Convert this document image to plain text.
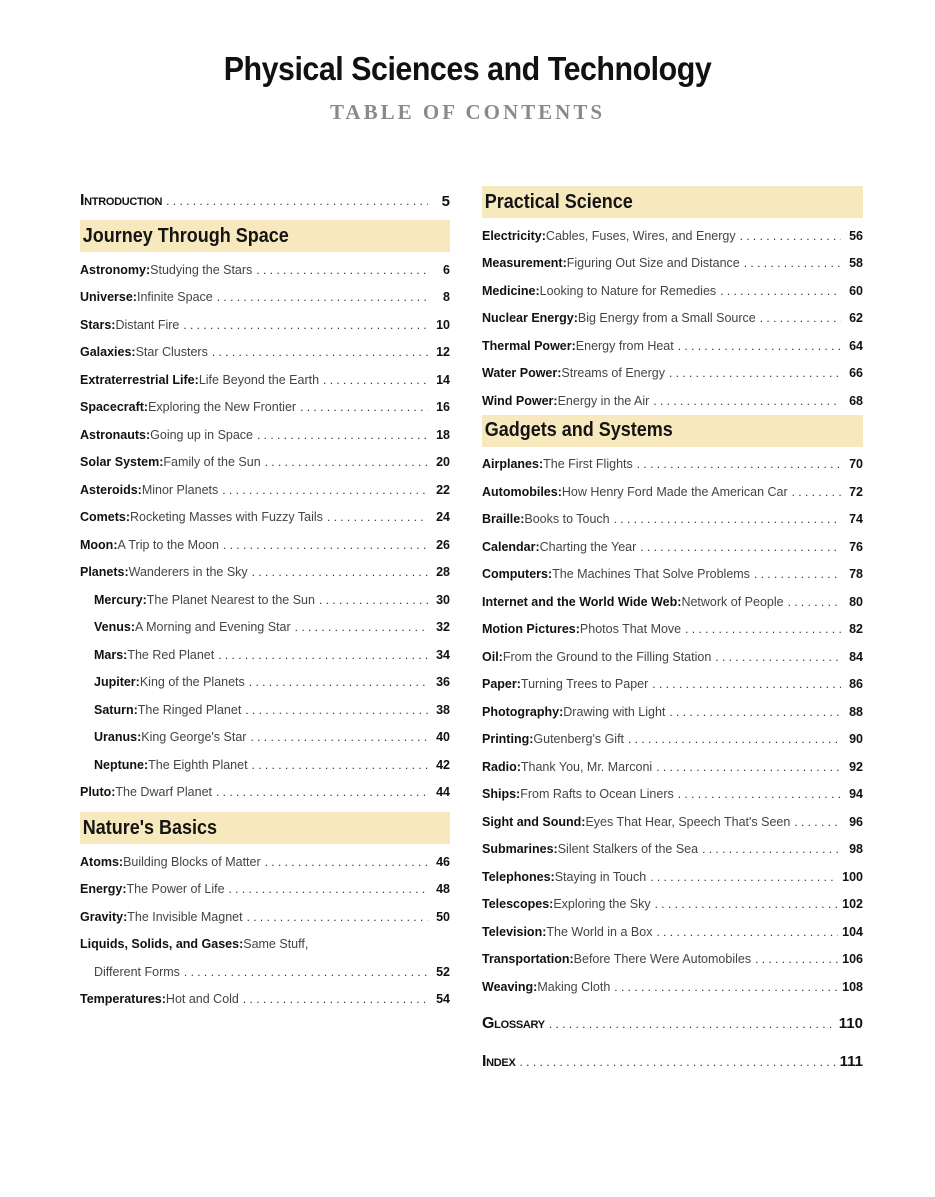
Physical Sciences and Technology
TABLE OF CONTENTS
Introduction . . .	5
Journey Through Space
Astronomy: Studying the Stars . . .	6
Universe: Infinite Space . . .	8
Stars: Distant Fire . . .	10
Galaxies: Star Clusters . . .	12
Extraterrestrial Life: Life Beyond the Earth . . .	14
Spacecraft: Exploring the New Frontier . . .	16
Astronauts: Going up in Space . . .	18
Solar System: Family of the Sun . . .	20
Asteroids: Minor Planets . . .	22
Comets: Rocketing Masses with Fuzzy Tails . . .	24
Moon: A Trip to the Moon . . .	26
Planets: Wanderers in the Sky . . .	28
Mercury: The Planet Nearest to the Sun . . .	30
Venus: A Morning and Evening Star . . .	32
Mars: The Red Planet . . .	34
Jupiter: King of the Planets . . .	36
Saturn: The Ringed Planet . . .	38
Uranus: King George's Star . . .	40
Neptune: The Eighth Planet . . .	42
Pluto: The Dwarf Planet . . .	44
Nature's Basics
Atoms: Building Blocks of Matter . . .	46
Energy: The Power of Life . . .	48
Gravity: The Invisible Magnet . . .	50
Liquids, Solids, and Gases: Same Stuff,
Different Forms . . .	52
Temperatures: Hot and Cold . . .	54
Practical Science
Electricity: Cables, Fuses, Wires, and Energy . . .	56
Measurement: Figuring Out Size and Distance . . .	58
Medicine: Looking to Nature for Remedies . . .	60
Nuclear Energy: Big Energy from a Small Source . . .	62
Thermal Power: Energy from Heat . . .	64
Water Power: Streams of Energy . . .	66
Wind Power: Energy in the Air . . .	68
Gadgets and Systems
Airplanes: The First Flights . . .	70
Automobiles: How Henry Ford Made the American Car . . .	72
Braille: Books to Touch . . .	74
Calendar: Charting the Year . . .	76
Computers: The Machines That Solve Problems . . .	78
Internet and the World Wide Web: Network of People . . .	80
Motion Pictures: Photos That Move . . .	82
Oil: From the Ground to the Filling Station . . .	84
Paper: Turning Trees to Paper . . .	86
Photography: Drawing with Light . . .	88
Printing: Gutenberg's Gift . . .	90
Radio: Thank You, Mr. Marconi . . .	92
Ships: From Rafts to Ocean Liners . . .	94
Sight and Sound: Eyes That Hear, Speech That's Seen . . .	96
Submarines: Silent Stalkers of the Sea . . .	98
Telephones: Staying in Touch . . .	100
Telescopes: Exploring the Sky . . .	102
Television: The World in a Box . . .	104
Transportation: Before There Were Automobiles . . .	106
Weaving: Making Cloth . . .	108
Glossary . . .	110
Index . . .	111
